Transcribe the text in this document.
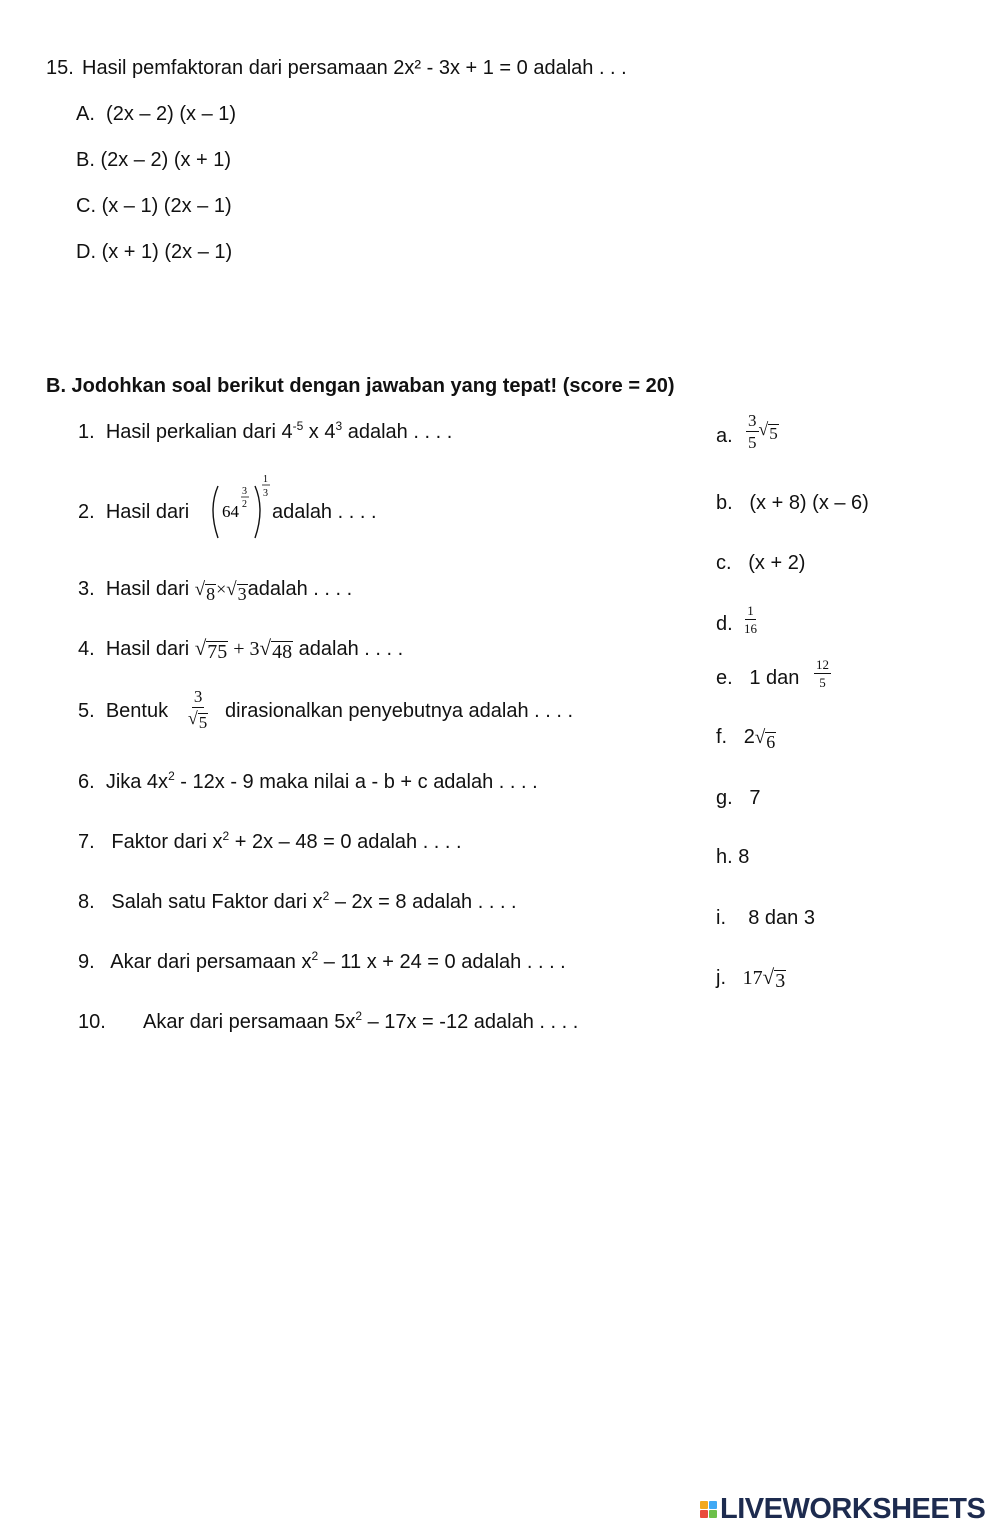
15. Hasil pemfaktoran dari persamaan 2x² - 3x + 1 = 0 adalah . . .
A. (2x – 2) (x – 1)
B. (2x – 2) (x + 1)
C. (x – 1) (2x – 1)
D. (x + 1) (2x – 1)
B. Jodohkan soal berikut dengan jawaban yang tepat! (score = 20)
1. Hasil perkalian dari $4^{-5}$ x $4^3$ adalah . . . .
2. Hasil dari 64
3
2
1
3
adalah . . . .
3. Hasil dari √ 8 × √ 3 adalah . . . .
4. Hasil dari √ 75 + 3 √ 48 adalah . . . .
5. Bentuk $\frac{3}{√ 5}$ dirasionalkan penyebutnya adalah . . . .
6. Jika $4x^2 - 12x - 9$ maka nilai a - b + c adalah . . . .
7. Faktor dari $x^2 + 2x - 48 = 0$ adalah . . . .
8. Salah satu Faktor dari $x^2 - 2x = 8$ adalah . . . .
9. Akar dari persamaan $x^2 - 11$ x + 24 = 0 adalah . . . .
10. Akar dari persamaan $5x^2 - 17x = -12$ adalah . . . .
a. $\frac{3}{5}$ √ 5
b. (x + 8) (x – 6)
c. (x + 2)
d. $\frac{1}{16}$
e. 1 dan $\frac{12}{5}$
f. 2 √ 6
g. 7
h. 8
i. 8 dan 3
j. 17 √ 3
LIVEWORKSHEETS
